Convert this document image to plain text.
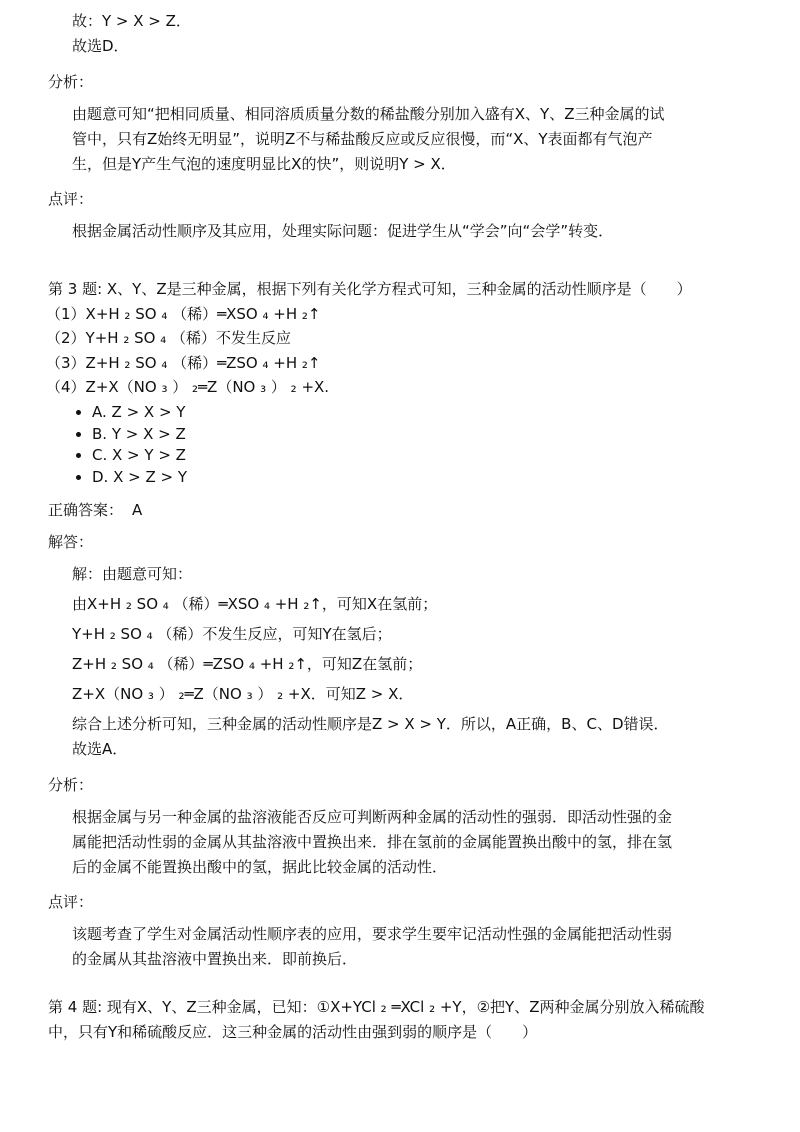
故：Y > X > Z．
故选D．
分析：
由题意可知“把相同质量、相同溶质质量分数的稀盐酸分别加入盛有X、Y、Z三种金属的试
管中，只有Z始终无明显”，说明Z不与稀盐酸反应或反应很慢，而“X、Y表面都有气泡产
生，但是Y产生气泡的速度明显比X的快”，则说明Y > X．
点评：
根据金属活动性顺序及其应用，处理实际问题：促进学生从“学会”向“会学”转变．
第 3 题: X、Y、Z是三种金属，根据下列有关化学方程式可知，三种金属的活动性顺序是（　　）
（1）X+H ₂ SO ₄ （稀）═XSO ₄ +H ₂↑
（2）Y+H ₂ SO ₄ （稀）不发生反应
（3）Z+H ₂ SO ₄ （稀）═ZSO ₄ +H ₂↑
（4）Z+X（NO ₃ ） ₂═Z（NO ₃ ） ₂ +X.
A. Z > X > Y
B. Y > X > Z
C. X > Y > Z
D. X > Z > Y
正确答案： A
解答：
解：由题意可知：
由X+H ₂ SO ₄ （稀）═XSO ₄ +H ₂↑，可知X在氢前；
Y+H ₂ SO ₄ （稀）不发生反应，可知Y在氢后；
Z+H ₂ SO ₄ （稀）═ZSO ₄ +H ₂↑，可知Z在氢前；
Z+X（NO ₃ ） ₂═Z（NO ₃ ） ₂ +X．可知Z > X．
综合上述分析可知，三种金属的活动性顺序是Z > X > Y．所以，A正确，B、C、D错误．
故选A．
分析：
根据金属与另一种金属的盐溶液能否反应可判断两种金属的活动性的强弱．即活动性强的金
属能把活动性弱的金属从其盐溶液中置换出来．排在氢前的金属能置换出酸中的氢，排在氢
后的金属不能置换出酸中的氢，据此比较金属的活动性．
点评：
该题考查了学生对金属活动性顺序表的应用，要求学生要牢记活动性强的金属能把活动性弱
的金属从其盐溶液中置换出来．即前换后．
第 4 题: 现有X、Y、Z三种金属，已知：①X+YCl ₂ ═XCl ₂ +Y，②把Y、Z两种金属分别放入稀硫酸
中，只有Y和稀硫酸反应．这三种金属的活动性由强到弱的顺序是（　　）
